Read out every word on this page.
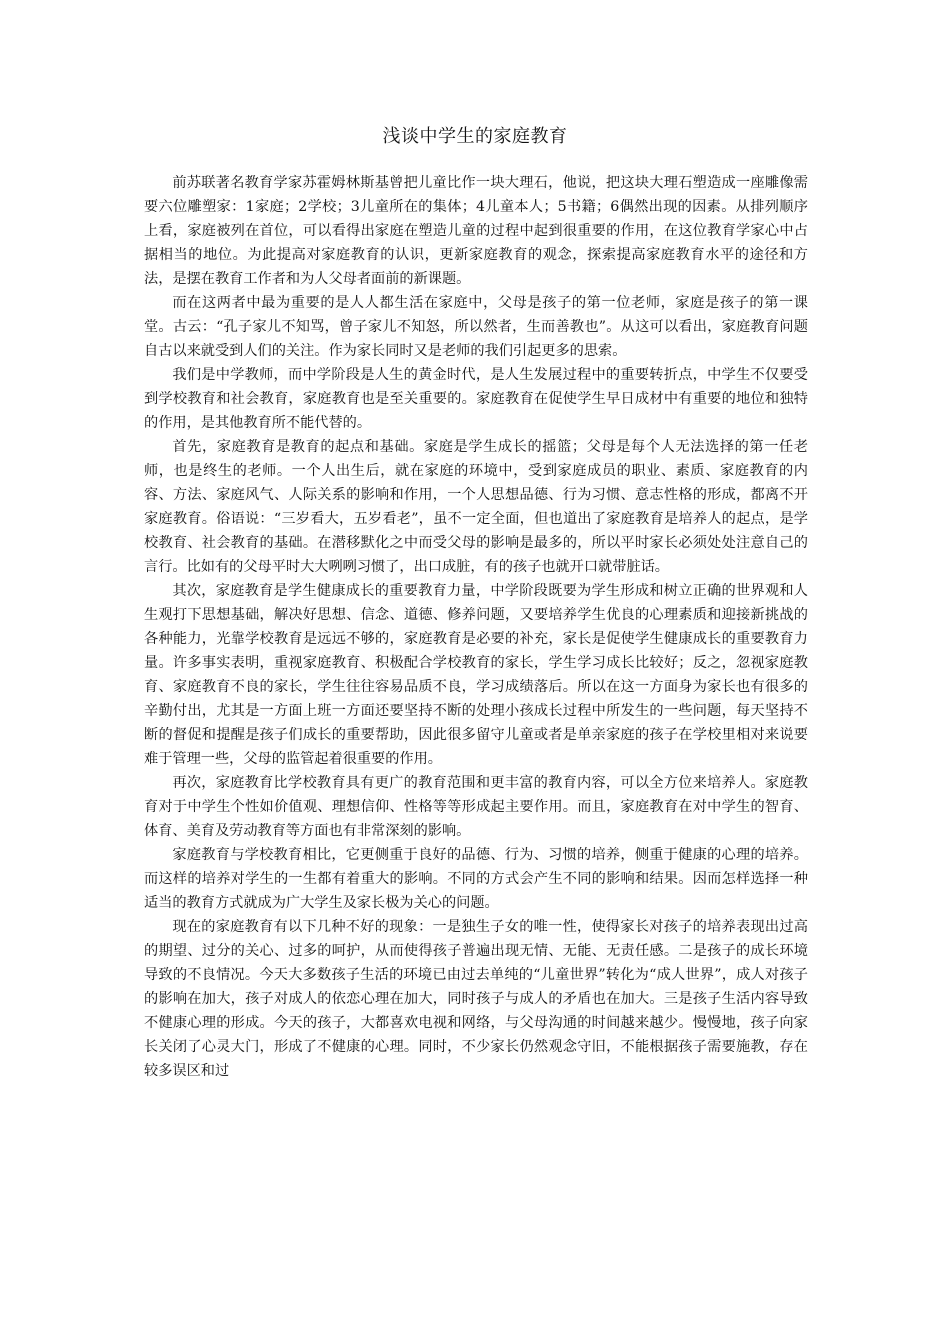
浅谈中学生的家庭教育

前苏联著名教育学家苏霍姆林斯基曾把儿童比作一块大理石，他说，把这块大理石塑造成一座雕像需要六位雕塑家：1家庭；2学校；3儿童所在的集体；4儿童本人；5书籍；6偶然出现的因素。从排列顺序上看，家庭被列在首位，可以看得出家庭在塑造儿童的过程中起到很重要的作用，在这位教育学家心中占据相当的地位。为此提高对家庭教育的认识，更新家庭教育的观念，探索提高家庭教育水平的途径和方法，是摆在教育工作者和为人父母者面前的新课题。

而在这两者中最为重要的是人人都生活在家庭中，父母是孩子的第一位老师，家庭是孩子的第一课堂。古云：“孔子家儿不知骂，曾子家儿不知怒，所以然者，生而善教也”。从这可以看出，家庭教育问题自古以来就受到人们的关注。作为家长同时又是老师的我们引起更多的思索。

我们是中学教师，而中学阶段是人生的黄金时代，是人生发展过程中的重要转折点，中学生不仅要受到学校教育和社会教育，家庭教育也是至关重要的。家庭教育在促使学生早日成材中有重要的地位和独特的作用，是其他教育所不能代替的。

首先，家庭教育是教育的起点和基础。家庭是学生成长的摇篮；父母是每个人无法选择的第一任老师，也是终生的老师。一个人出生后，就在家庭的环境中，受到家庭成员的职业、素质、家庭教育的内容、方法、家庭风气、人际关系的影响和作用，一个人思想品德、行为习惯、意志性格的形成，都离不开家庭教育。俗语说：“三岁看大，五岁看老”，虽不一定全面，但也道出了家庭教育是培养人的起点，是学校教育、社会教育的基础。在潜移默化之中而受父母的影响是最多的，所以平时家长必须处处注意自己的言行。比如有的父母平时大大咧咧习惯了，出口成脏，有的孩子也就开口就带脏话。

其次，家庭教育是学生健康成长的重要教育力量，中学阶段既要为学生形成和树立正确的世界观和人生观打下思想基础，解决好思想、信念、道德、修养问题，又要培养学生优良的心理素质和迎接新挑战的各种能力，光靠学校教育是远远不够的，家庭教育是必要的补充，家长是促使学生健康成长的重要教育力量。许多事实表明，重视家庭教育、积极配合学校教育的家长，学生学习成长比较好；反之，忽视家庭教育、家庭教育不良的家长，学生往往容易品质不良，学习成绩落后。所以在这一方面身为家长也有很多的辛勤付出，尤其是一方面上班一方面还要坚持不断的处理小孩成长过程中所发生的一些问题，每天坚持不断的督促和提醒是孩子们成长的重要帮助，因此很多留守儿童或者是单亲家庭的孩子在学校里相对来说要难于管理一些，父母的监管起着很重要的作用。

再次，家庭教育比学校教育具有更广的教育范围和更丰富的教育内容，可以全方位来培养人。家庭教育对于中学生个性如价值观、理想信仰、性格等等形成起主要作用。而且，家庭教育在对中学生的智育、体育、美育及劳动教育等方面也有非常深刻的影响。

家庭教育与学校教育相比，它更侧重于良好的品德、行为、习惯的培养，侧重于健康的心理的培养。而这样的培养对学生的一生都有着重大的影响。不同的方式会产生不同的影响和结果。因而怎样选择一种适当的教育方式就成为广大学生及家长极为关心的问题。

现在的家庭教育有以下几种不好的现象：一是独生子女的唯一性，使得家长对孩子的培养表现出过高的期望、过分的关心、过多的呵护，从而使得孩子普遍出现无情、无能、无责任感。二是孩子的成长环境导致的不良情况。今天大多数孩子生活的环境已由过去单纯的“儿童世界”转化为“成人世界”，成人对孩子的影响在加大，孩子对成人的依恋心理在加大，同时孩子与成人的矛盾也在加大。三是孩子生活内容导致不健康心理的形成。今天的孩子，大都喜欢电视和网络，与父母沟通的时间越来越少。慢慢地，孩子向家长关闭了心灵大门，形成了不健康的心理。同时，不少家长仍然观念守旧，不能根据孩子需要施教，存在较多误区和过
